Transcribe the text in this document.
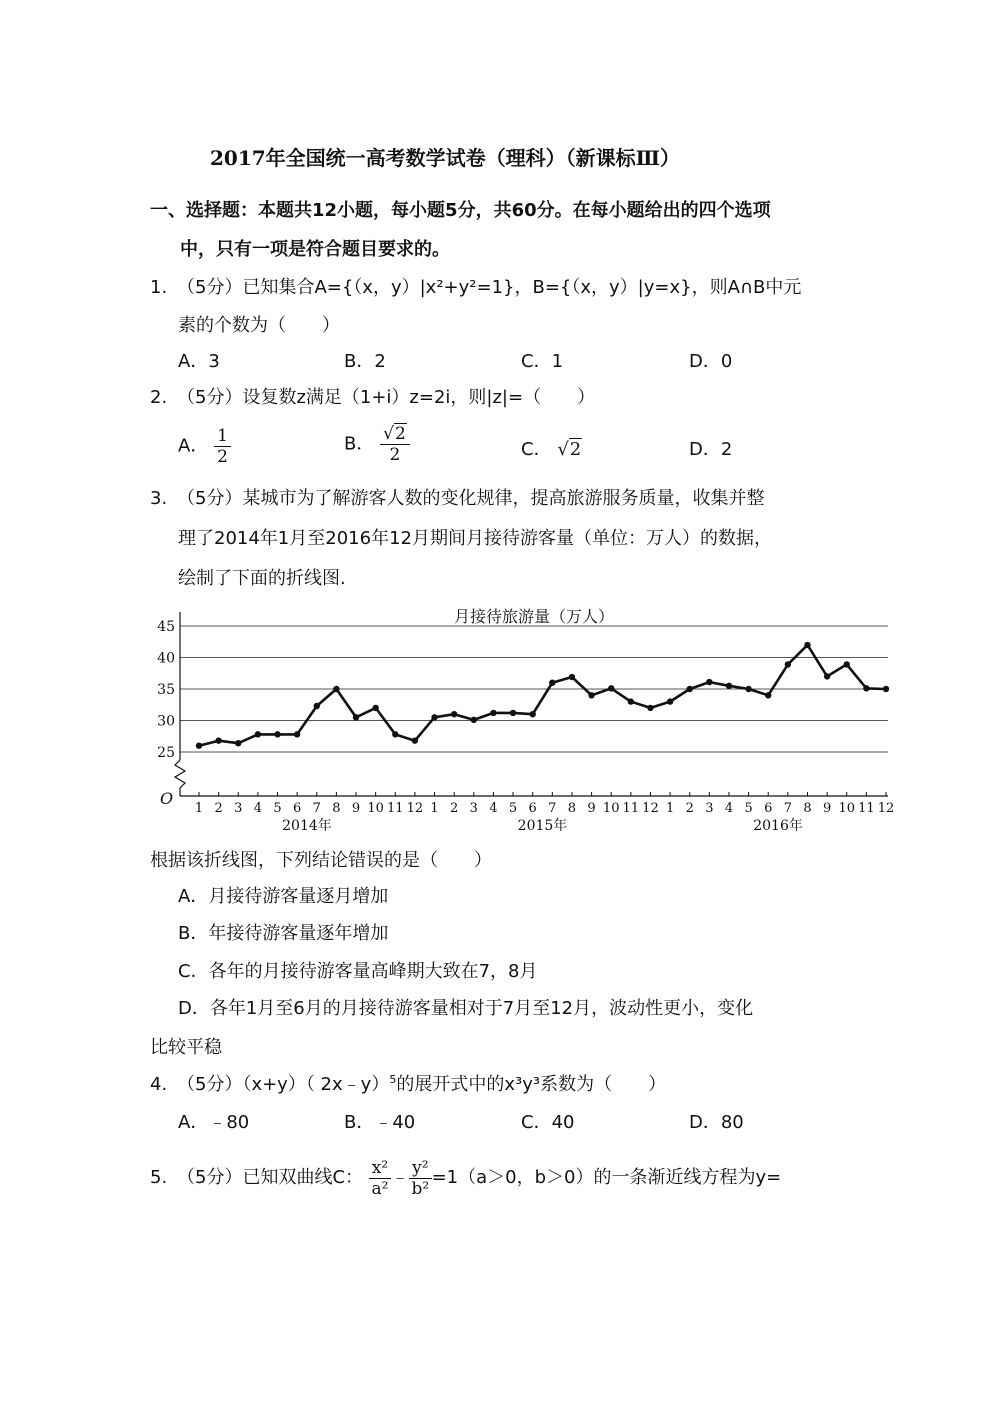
2017年全国统一高考数学试卷（理科）（新课标Ⅲ）
一、选择题：本题共12小题，每小题5分，共60分。在每小题给出的四个选项
中，只有一项是符合题目要求的。
1. （5分）已知集合A={（x，y）|x²+y²=1}，B={（x，y）|y=x}，则A∩B中元
素的个数为（　　）
A．3	B．2	C．1	D．0
2. （5分）设复数z满足（1+i）z=2i，则|z|=（　　）
A． $\frac{1}{2}$	B． $\frac{√2}{2}$	C． √2	D．2
3. （5分）某城市为了解游客人数的变化规律，提高旅游服务质量，收集并整
理了2014年1月至2016年12月期间月接待游客量（单位：万人）的数据，
绘制了下面的折线图.
月接待旅游量（万人）
25
30
35
40
45
O
1 2 3 4 5 6 7 8 9 10 11 12 1 2 3 4 5 6 7 8 9 10 11 12 1 2 3 4 5 6 7 8 9 10 11 12
2014年	2015年	2016年
根据该折线图，下列结论错误的是（　　）
A．月接待游客量逐月增加
B．年接待游客量逐年增加
C．各年的月接待游客量高峰期大致在7，8月
D．各年1月至6月的月接待游客量相对于7月至12月，波动性更小，变化
比较平稳
4. （5分）（x+y）（ 2x﹣y）$^5$的展开式中的x³y³系数为（　　）
A．﹣80	B．﹣40	C．40	D．80
5. （5分）已知双曲线C： $\frac{\text{x²}}{\text{a²}}$ ﹣ $\frac{\text{y²}}{\text{b²}} =1(a>0$，b＞0）的一条渐近线方程为y=
